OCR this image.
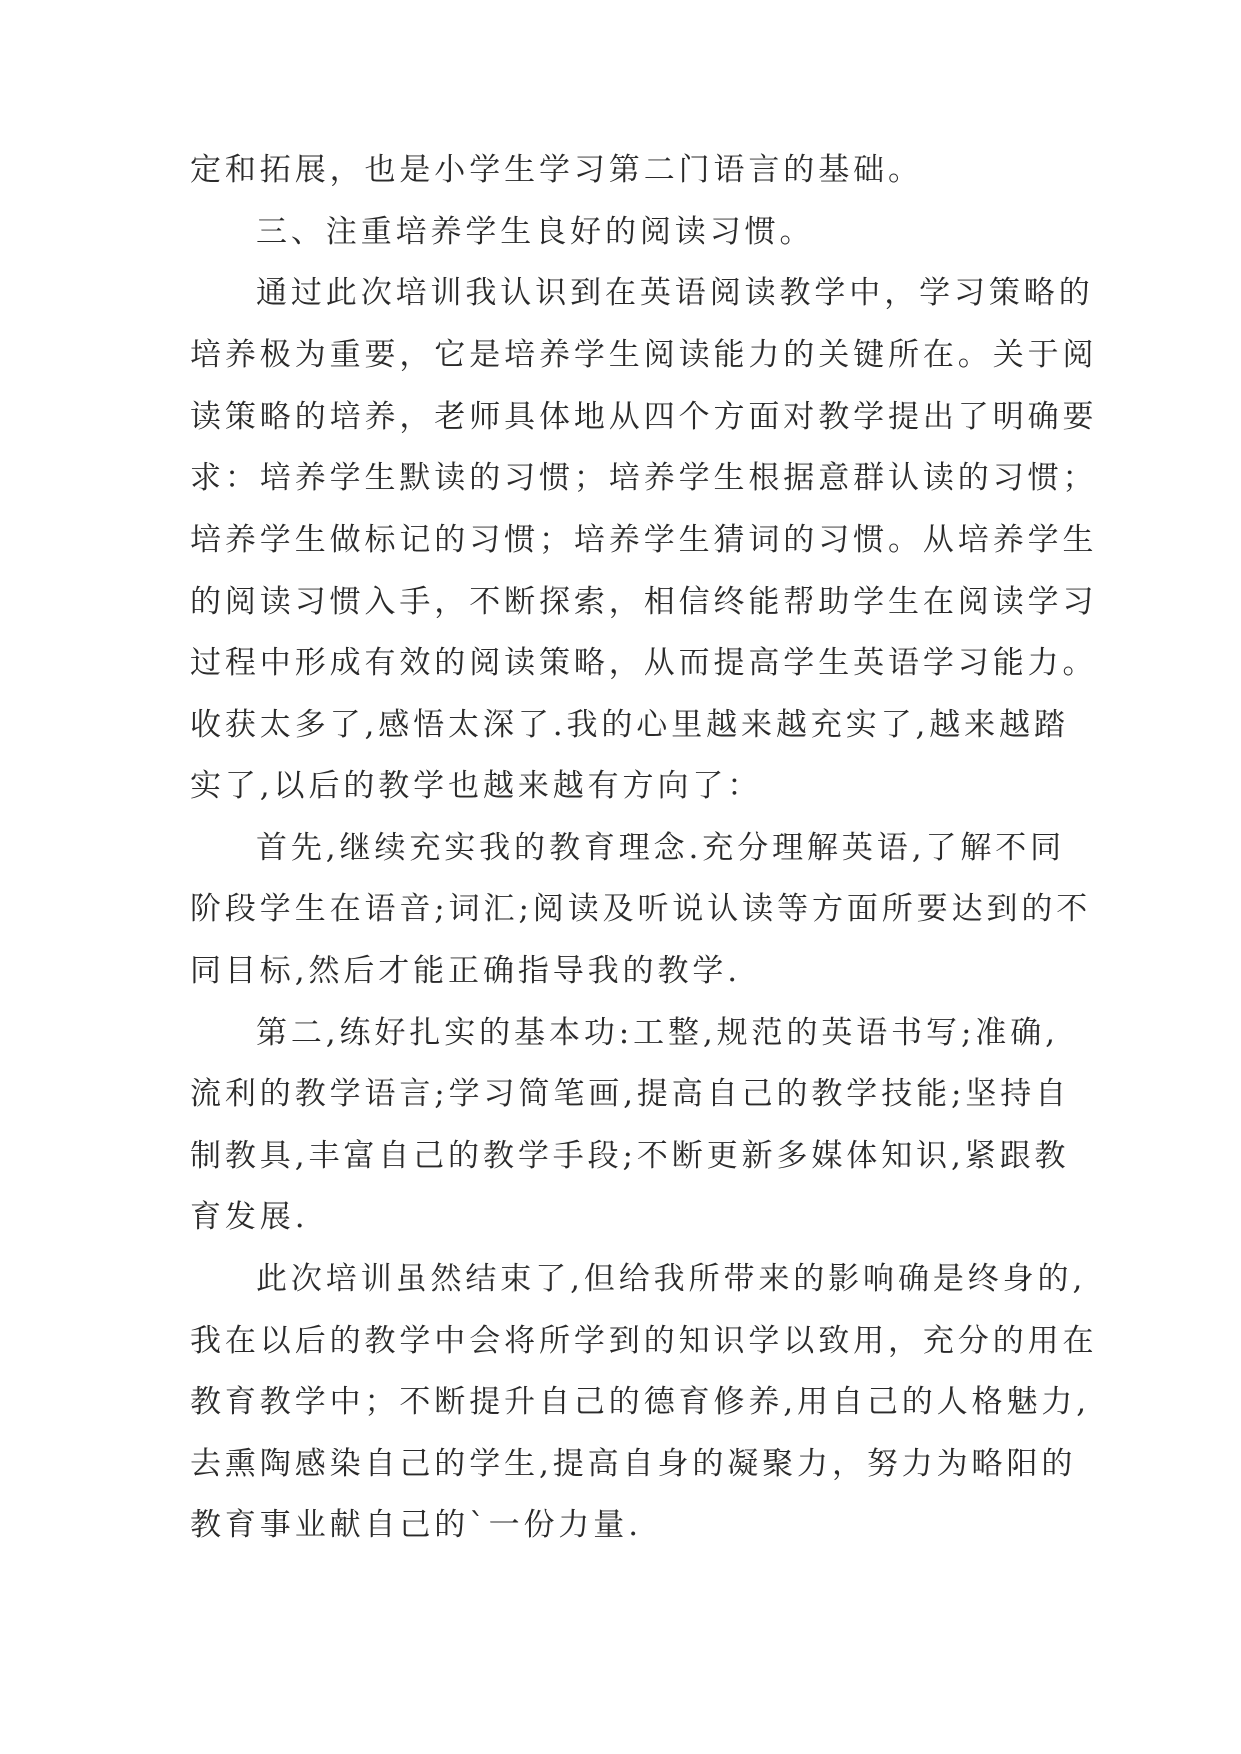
定和拓展，也是小学生学习第二门语言的基础。
三、注重培养学生良好的阅读习惯。
通过此次培训我认识到在英语阅读教学中，学习策略的
培养极为重要，它是培养学生阅读能力的关键所在。关于阅
读策略的培养，老师具体地从四个方面对教学提出了明确要
求：培养学生默读的习惯；培养学生根据意群认读的习惯；
培养学生做标记的习惯；培养学生猜词的习惯。从培养学生
的阅读习惯入手，不断探索，相信终能帮助学生在阅读学习
过程中形成有效的阅读策略，从而提高学生英语学习能力。
收获太多了,感悟太深了.我的心里越来越充实了,越来越踏
实了,以后的教学也越来越有方向了：
首先,继续充实我的教育理念.充分理解英语,了解不同
阶段学生在语音;词汇;阅读及听说认读等方面所要达到的不
同目标,然后才能正确指导我的教学.
第二,练好扎实的基本功:工整,规范的英语书写;准确,
流利的教学语言;学习简笔画,提高自己的教学技能;坚持自
制教具,丰富自己的教学手段;不断更新多媒体知识,紧跟教
育发展.
此次培训虽然结束了,但给我所带来的影响确是终身的,
我在以后的教学中会将所学到的知识学以致用，充分的用在
教育教学中；不断提升自己的德育修养,用自己的人格魅力,
去熏陶感染自己的学生,提高自身的凝聚力，努力为略阳的
教育事业献自己的`一份力量.
